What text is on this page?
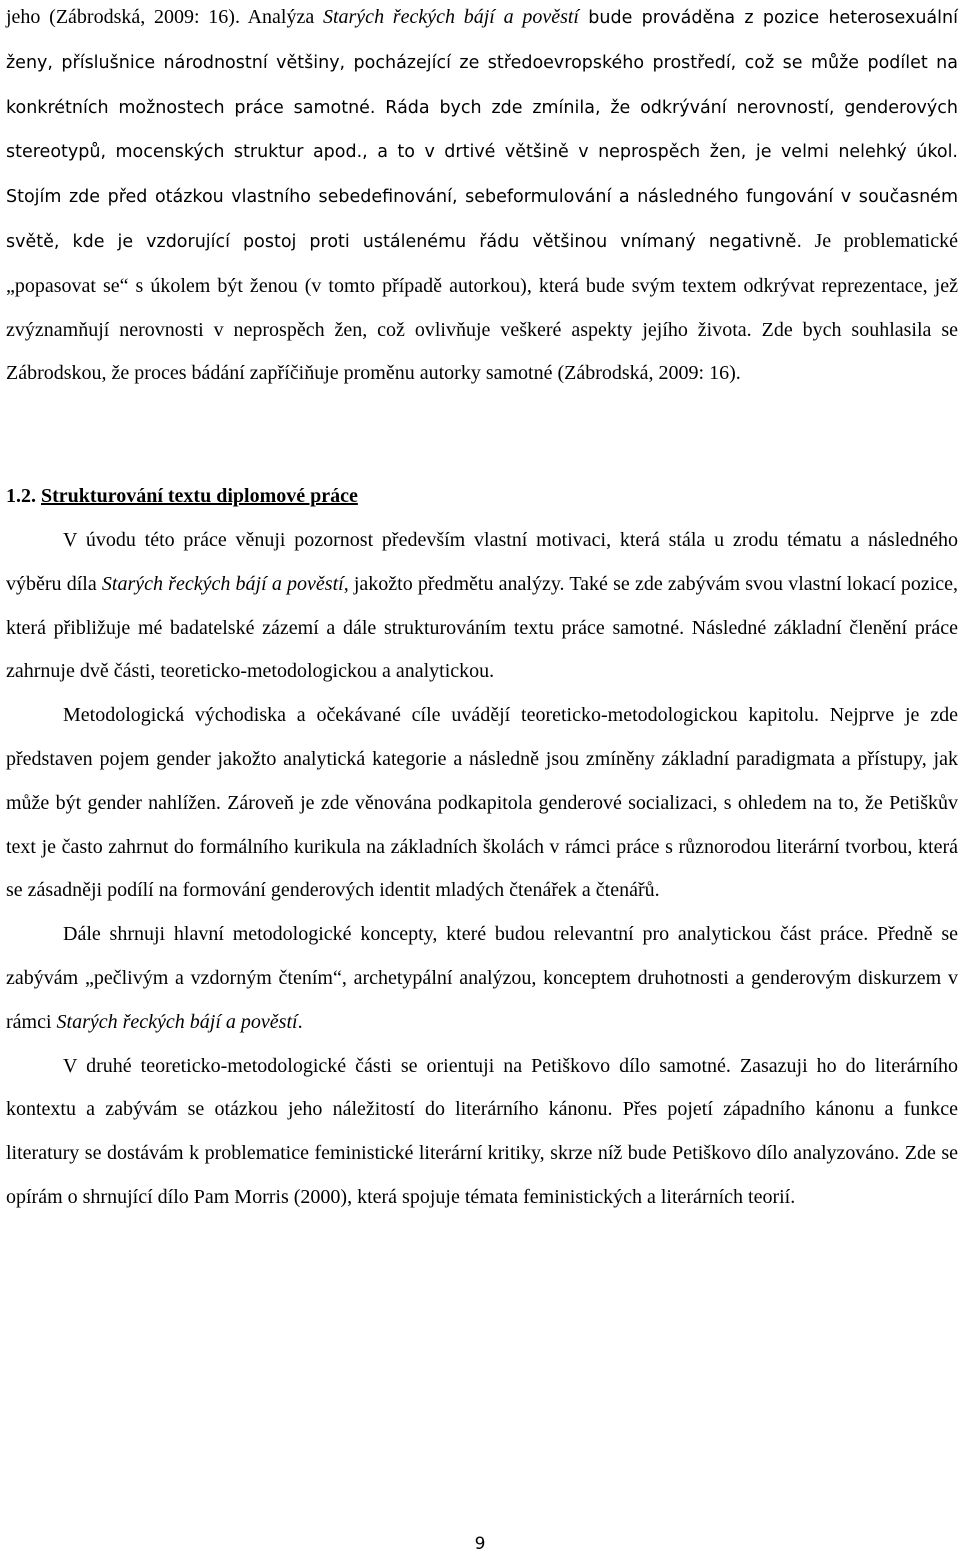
jeho (Zábrodská, 2009: 16). Analýza Starých řeckých bájí a pověstí bude prováděna z pozice heterosexuální ženy, příslušnice národnostní většiny, pocházející ze středoevropského prostředí, což se může podílet na konkrétních možnostech práce samotné. Ráda bych zde zmínila, že odkrývání nerovností, genderových stereotypů, mocenských struktur apod., a to v drtivé většině v neprospěch žen, je velmi nelehký úkol. Stojím zde před otázkou vlastního sebedefinování, sebeformulování a následného fungování v současném světě, kde je vzdorující postoj proti ustálenému řádu většinou vnímaný negativně. Je problematické „popasovat se“ s úkolem být ženou (v tomto případě autorkou), která bude svým textem odkrývat reprezentace, jež zvýznamňují nerovnosti v neprospěch žen, což ovlivňuje veškeré aspekty jejího života. Zde bych souhlasila se Zábrodskou, že proces bádání zapříčiňuje proměnu autorky samotné (Zábrodská, 2009: 16).

1.2. Strukturování textu diplomové práce

V úvodu této práce věnuji pozornost především vlastní motivaci, která stála u zrodu tématu a následného výběru díla Starých řeckých bájí a pověstí, jakožto předmětu analýzy. Také se zde zabývám svou vlastní lokací pozice, která přibližuje mé badatelské zázemí a dále strukturováním textu práce samotné. Následné základní členění práce zahrnuje dvě části, teoreticko-metodologickou a analytickou.

Metodologická východiska a očekávané cíle uvádějí teoreticko-metodologickou kapitolu. Nejprve je zde představen pojem gender jakožto analytická kategorie a následně jsou zmíněny základní paradigmata a přístupy, jak může být gender nahlížen. Zároveň je zde věnována podkapitola genderové socializaci, s ohledem na to, že Petiškův text je často zahrnut do formálního kurikula na základních školách v rámci práce s různorodou literární tvorbou, která se zásadněji podílí na formování genderových identit mladých čtenářek a čtenářů.

Dále shrnuji hlavní metodologické koncepty, které budou relevantní pro analytickou část práce. Předně se zabývám „pečlivým a vzdorným čtením“, archetypální analýzou, konceptem druhotnosti a genderovým diskurzem v rámci Starých řeckých bájí a pověstí.

V druhé teoreticko-metodologické části se orientuji na Petiškovo dílo samotné. Zasazuji ho do literárního kontextu a zabývám se otázkou jeho náležitostí do literárního kánonu. Přes pojetí západního kánonu a funkce literatury se dostávám k problematice feministické literární kritiky, skrze níž bude Petiškovo dílo analyzováno. Zde se opírám o shrnující dílo Pam Morris (2000), která spojuje témata feministických a literárních teorií.

9
